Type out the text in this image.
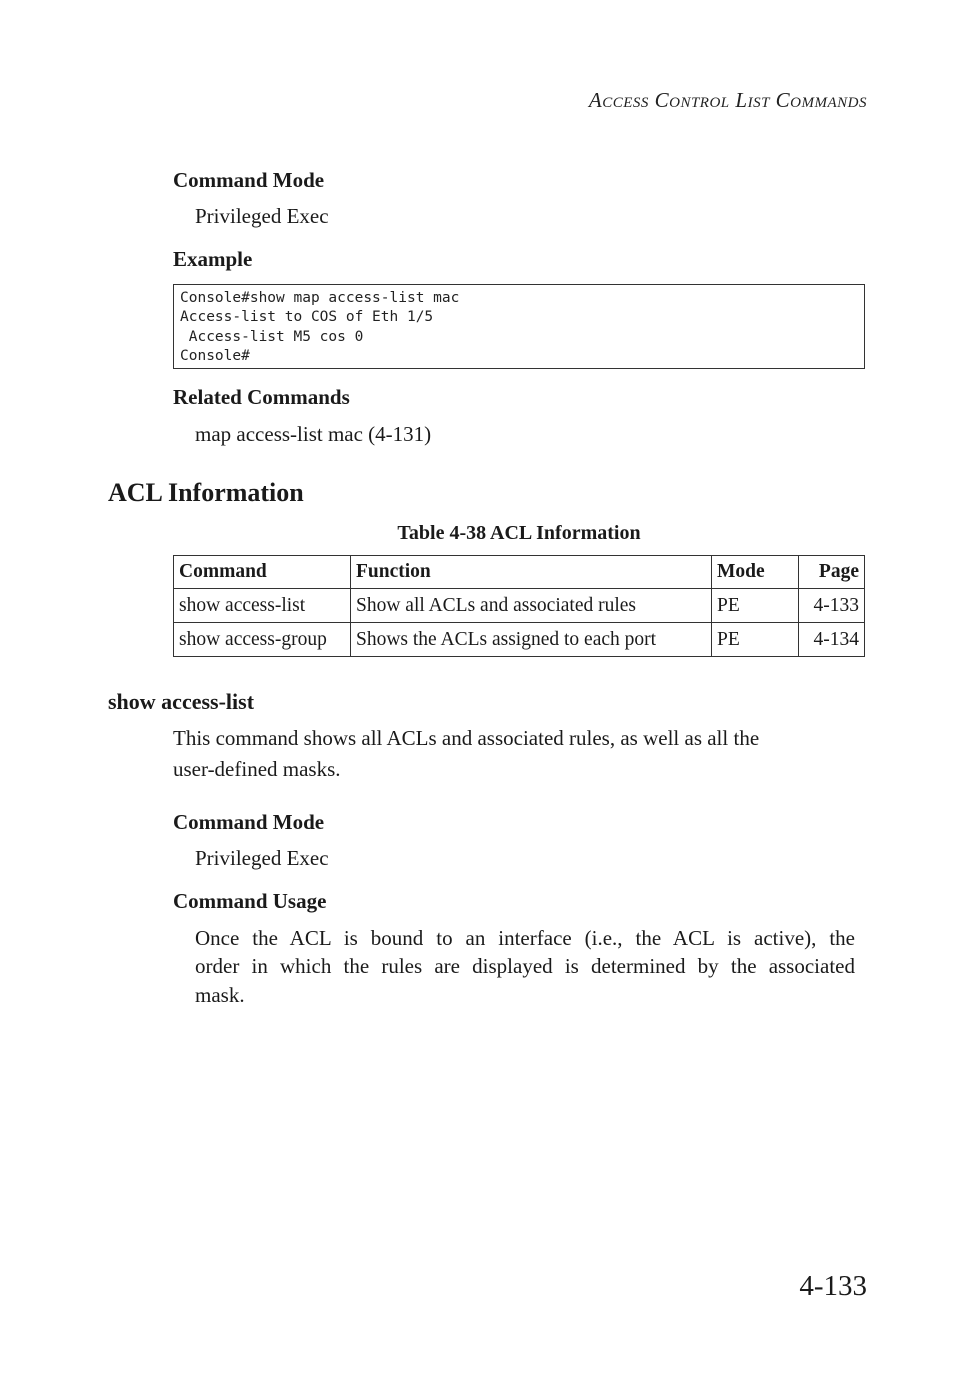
Access Control List Commands
Command Mode
Privileged Exec
Example
Console#show map access-list mac
Access-list to COS of Eth 1/5
Access-list M5 cos 0
Console#
Related Commands
map access-list mac (4-131)
ACL Information
Table 4-38 ACL Information
Command	Function	Mode	Page
show access-list	Show all ACLs and associated rules	PE	4-133
show access-group	Shows the ACLs assigned to each port	PE	4-134
show access-list
This command shows all ACLs and associated rules, as well as all the
user-defined masks.
Command Mode
Privileged Exec
Command Usage
Once the ACL is bound to an interface (i.e., the ACL is active), the
order in which the rules are displayed is determined by the associated
mask.
4-133
